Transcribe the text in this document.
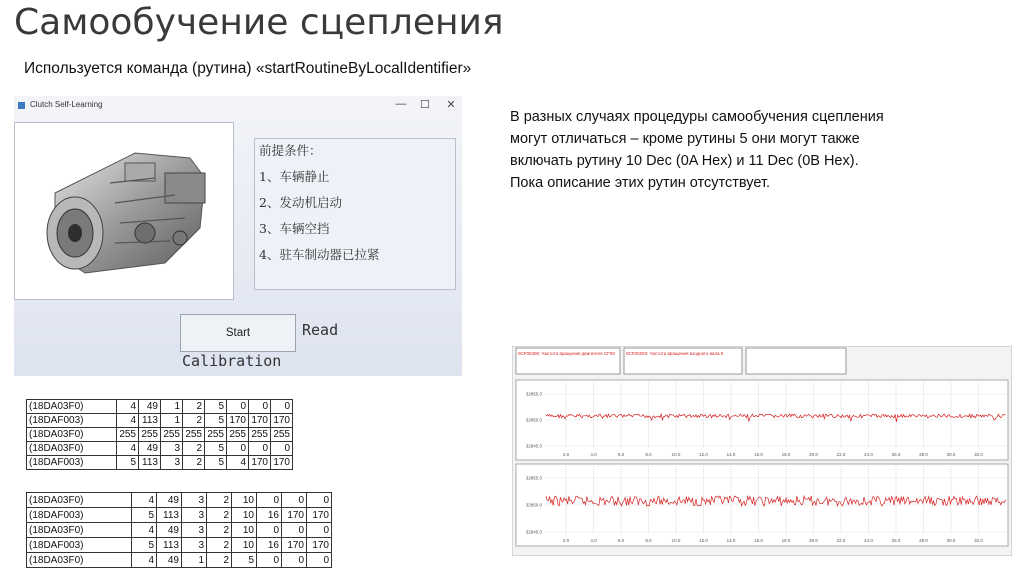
Самообучение сцепления
Используется команда (рутина) «startRoutineByLocalIdentifier»
В разных случаях процедуры самообучения сцепления
могут отличаться – кроме рутины 5 они могут также
включать рутину 10 Dec (0A Hex) и 11 Dec (0B Hex).
Пока описание этих рутин отсутствует.
Clutch Self-Learning	— ☐ ✕
前提条件：
1、车辆静止
2、发动机启动
3、车辆空挡
4、驻车制动器已拉紧
Start	Read
Calibration
(18DA03F0)	4	49	1	2	5	0	0	0
(18DAF003)	4	113	1	2	5	170	170	170
(18DA03F0)	255	255	255	255	255	255	255	255
(18DA03F0)	4	49	3	2	5	0	0	0
(18DAF003)	5	113	3	2	5	4	170	170
(18DA03F0)	4	49	3	2	10	0	0	0
(18DAF003)	5	113	3	2	10	16	170	170
(18DA03F0)	4	49	3	2	10	0	0	0
(18DAF003)	5	113	3	2	10	16	170	170
(18DA03F0)	4	49	1	2	5	0	0	0
0CF00400: Частота вращения двигателя CF00 0CF00203: Частота вращения входного вала К
2.0	4.0	6.0	8.0	10.0	12.0	14.0	16.0	18.0	20.0	22.0	24.0	26.0	28.0	30.0	32.0
32855.0
32850.0
32845.0
2.0	4.0	6.0	8.0	10.0	12.0	14.0	16.0	18.0	20.0	22.0	24.0	26.0	28.0	30.0	32.0
32855.0
32850.0
32845.0
